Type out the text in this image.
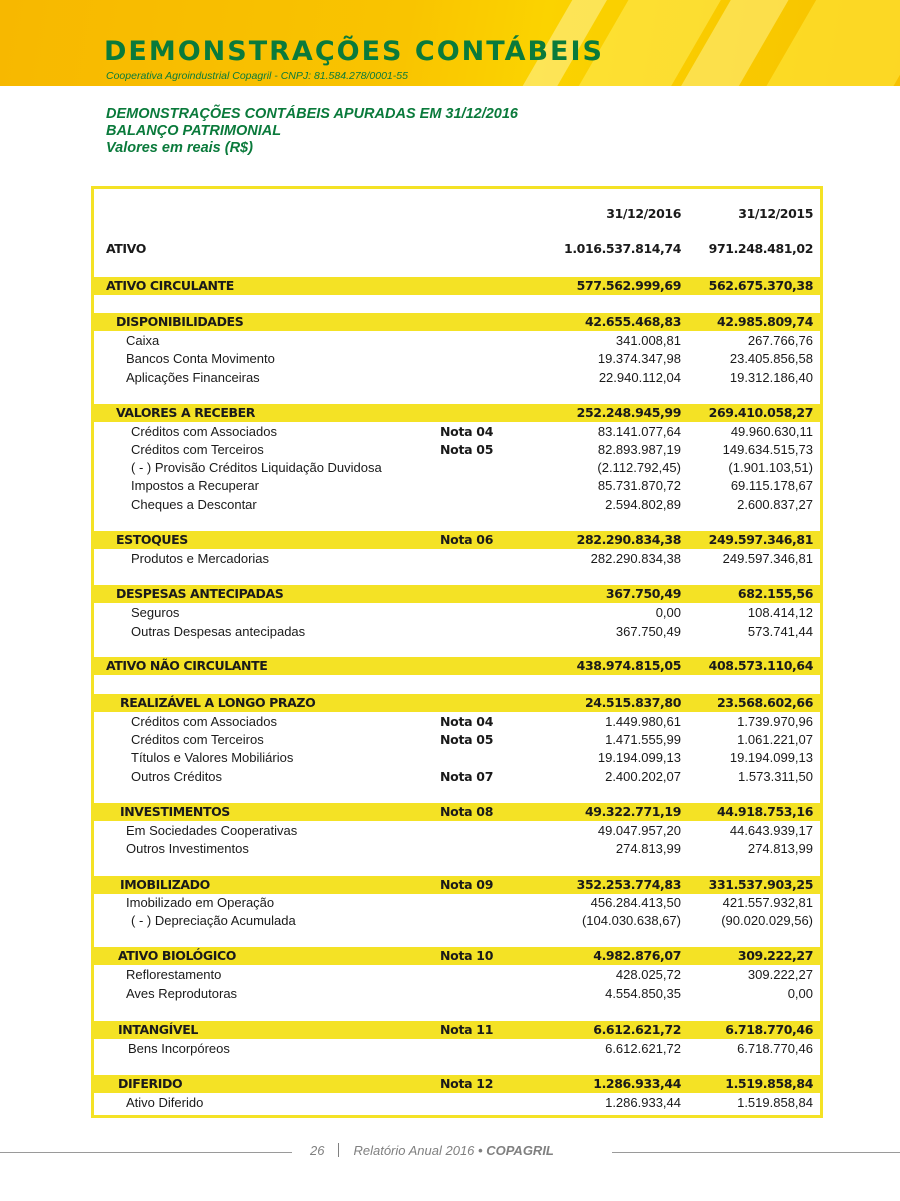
DEMONSTRAÇÕES CONTÁBEIS
Cooperativa Agroindustrial Copagril - CNPJ: 81.584.278/0001-55
DEMONSTRAÇÕES CONTÁBEIS APURADAS EM 31/12/2016
BALANÇO PATRIMONIAL
Valores em reais (R$)
31/12/2016	31/12/2015
ATIVO	1.016.537.814,74 971.248.481,02
ATIVO CIRCULANTE	577.562.999,69 562.675.370,38
DISPONIBILIDADES	42.655.468,83	42.985.809,74
Caixa	341.008,81	267.766,76
Bancos Conta Movimento	19.374.347,98	23.405.856,58
Aplicações Financeiras	22.940.112,04	19.312.186,40
VALORES A RECEBER	252.248.945,99 269.410.058,27
Créditos com Associados	Nota 04	83.141.077,64	49.960.630,11
Créditos com Terceiros	Nota 05	82.893.987,19	149.634.515,73
( - ) Provisão Créditos Liquidação Duvidosa	(2.112.792,45)	(1.901.103,51)
Impostos a Recuperar	85.731.870,72	69.115.178,67
Cheques a Descontar	2.594.802,89	2.600.837,27
ESTOQUES	Nota 06	282.290.834,38 249.597.346,81
Produtos e Mercadorias	282.290.834,38	249.597.346,81
DESPESAS ANTECIPADAS	367.750,49	682.155,56
Seguros	0,00	108.414,12
Outras Despesas antecipadas	367.750,49	573.741,44
ATIVO NÃO CIRCULANTE	438.974.815,05 408.573.110,64
REALIZÁVEL A LONGO PRAZO	24.515.837,80	23.568.602,66
Créditos com Associados	Nota 04	1.449.980,61	1.739.970,96
Créditos com Terceiros	Nota 05	1.471.555,99	1.061.221,07
Títulos e Valores Mobiliários	19.194.099,13	19.194.099,13
Outros Créditos	Nota 07	2.400.202,07	1.573.311,50
INVESTIMENTOS	Nota 08	49.322.771,19	44.918.753,16
Em Sociedades Cooperativas	49.047.957,20	44.643.939,17
Outros Investimentos	274.813,99	274.813,99
IMOBILIZADO	Nota 09	352.253.774,83 331.537.903,25
Imobilizado em Operação	456.284.413,50	421.557.932,81
( - ) Depreciação Acumulada	(104.030.638,67)	(90.020.029,56)
ATIVO BIOLÓGICO	Nota 10	4.982.876,07	309.222,27
Reflorestamento	428.025,72	309.222,27
Aves Reprodutoras	4.554.850,35	0,00
INTANGÍVEL	Nota 11	6.612.621,72	6.718.770,46
Bens Incorpóreos	6.612.621,72	6.718.770,46
DIFERIDO	Nota 12	1.286.933,44	1.519.858,84
Ativo Diferido	1.286.933,44	1.519.858,84
26 Relatório Anual 2016 • COPAGRIL
